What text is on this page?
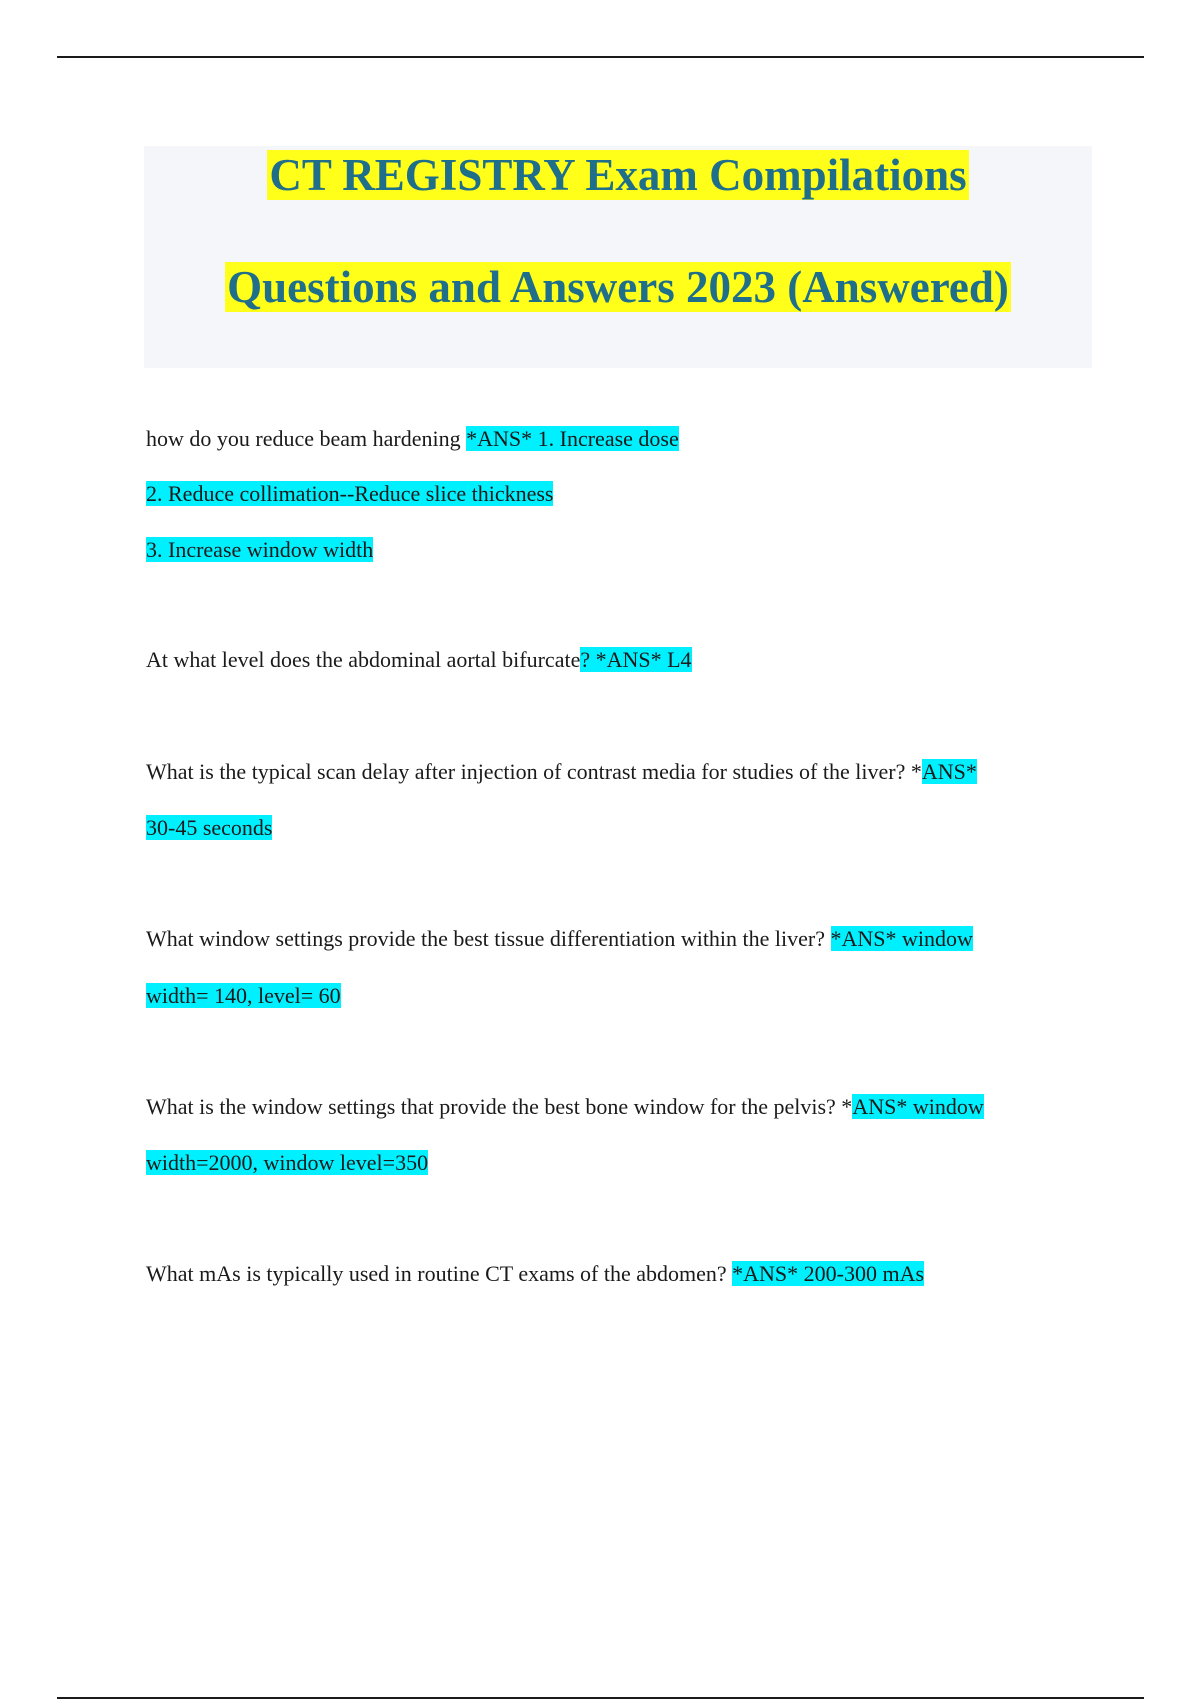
CT REGISTRY Exam Compilations
Questions and Answers 2023 (Answered)
how do you reduce beam hardening *ANS* 1. Increase dose
2. Reduce collimation--Reduce slice thickness
3. Increase window width
At what level does the abdominal aortal bifurcate? *ANS* L4
What is the typical scan delay after injection of contrast media for studies of the liver? *ANS*
30-45 seconds
What window settings provide the best tissue differentiation within the liver? *ANS* window
width= 140, level= 60
What is the window settings that provide the best bone window for the pelvis? *ANS* window
width=2000, window level=350
What mAs is typically used in routine CT exams of the abdomen? *ANS* 200-300 mAs
